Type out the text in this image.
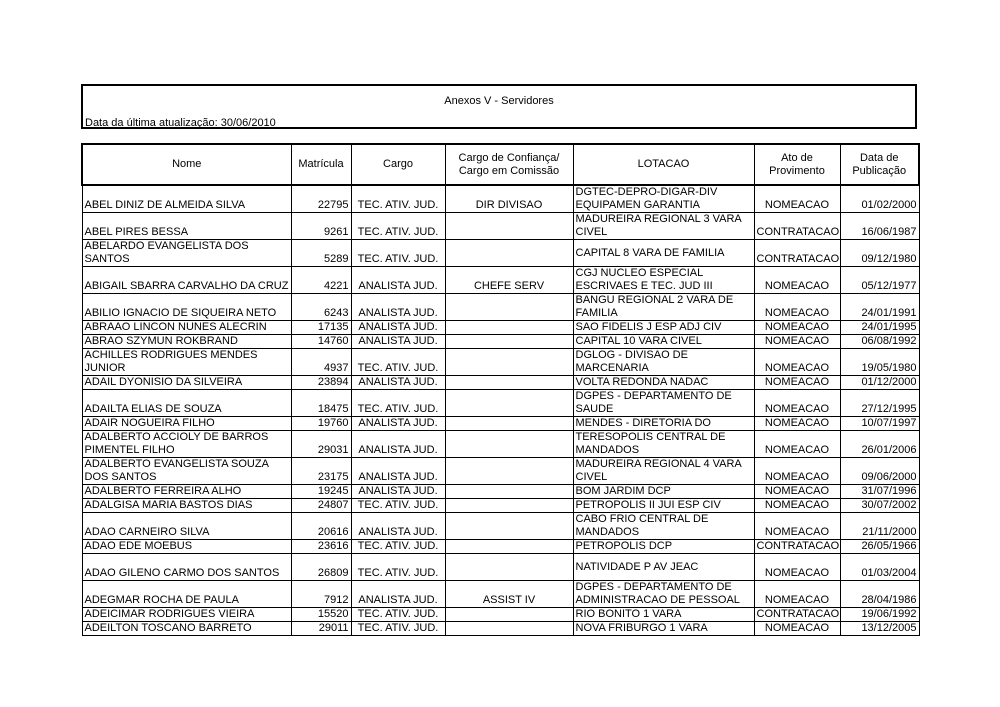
Anexos V - Servidores
Data da última atualização: 30/06/2010
Nome	Matrícula	Cargo	Cargo de Confiança/ Cargo em Comissão	LOTACAO	Ato de Provimento	Data de Publicação
ABEL DINIZ DE ALMEIDA SILVA	22795	TEC. ATIV. JUD.	DIR DIVISAO	DGTEC-DEPRO-DIGAR-DIV EQUIPAMEN GARANTIA	NOMEACAO	01/02/2000
ABEL PIRES BESSA	9261	TEC. ATIV. JUD.		MADUREIRA REGIONAL 3 VARA CIVEL	CONTRATACAO	16/06/1987
ABELARDO EVANGELISTA DOS SANTOS	5289	TEC. ATIV. JUD.		CAPITAL 8 VARA DE FAMILIA	CONTRATACAO	09/12/1980
ABIGAIL SBARRA CARVALHO DA CRUZ	4221	ANALISTA JUD.	CHEFE SERV	CGJ NUCLEO ESPECIAL ESCRIVAES E TEC. JUD III	NOMEACAO	05/12/1977
ABILIO IGNACIO DE SIQUEIRA NETO	6243	ANALISTA JUD.		BANGU REGIONAL 2 VARA DE FAMILIA	NOMEACAO	24/01/1991
ABRAAO LINCON NUNES ALECRIN	17135	ANALISTA JUD.		SAO FIDELIS J ESP ADJ CIV	NOMEACAO	24/01/1995
ABRAO SZYMUN ROKBRAND	14760	ANALISTA JUD.		CAPITAL 10 VARA CIVEL	NOMEACAO	06/08/1992
ACHILLES RODRIGUES MENDES JUNIOR	4937	TEC. ATIV. JUD.		DGLOG - DIVISAO DE MARCENARIA	NOMEACAO	19/05/1980
ADAIL DYONISIO DA SILVEIRA	23894	ANALISTA JUD.		VOLTA REDONDA NADAC	NOMEACAO	01/12/2000
ADAILTA ELIAS DE SOUZA	18475	TEC. ATIV. JUD.		DGPES - DEPARTAMENTO DE SAUDE	NOMEACAO	27/12/1995
ADAIR NOGUEIRA FILHO	19760	ANALISTA JUD.		MENDES - DIRETORIA DO	NOMEACAO	10/07/1997
ADALBERTO ACCIOLY DE BARROS PIMENTEL FILHO	29031	ANALISTA JUD.		TERESOPOLIS CENTRAL DE MANDADOS	NOMEACAO	26/01/2006
ADALBERTO EVANGELISTA SOUZA DOS SANTOS	23175	ANALISTA JUD.		MADUREIRA REGIONAL 4 VARA CIVEL	NOMEACAO	09/06/2000
ADALBERTO FERREIRA ALHO	19245	ANALISTA JUD.		BOM JARDIM DCP	NOMEACAO	31/07/1996
ADALGISA MARIA BASTOS DIAS	24807	TEC. ATIV. JUD.		PETROPOLIS II JUI ESP CIV	NOMEACAO	30/07/2002
ADAO CARNEIRO SILVA	20616	ANALISTA JUD.		CABO FRIO CENTRAL DE MANDADOS	NOMEACAO	21/11/2000
ADAO EDE MOEBUS	23616	TEC. ATIV. JUD.		PETROPOLIS DCP	CONTRATACAO	26/05/1966
ADAO GILENO CARMO DOS SANTOS	26809	TEC. ATIV. JUD.		NATIVIDADE P AV JEAC	NOMEACAO	01/03/2004
ADEGMAR ROCHA DE PAULA	7912	ANALISTA JUD.	ASSIST IV	DGPES - DEPARTAMENTO DE ADMINISTRACAO DE PESSOAL	NOMEACAO	28/04/1986
ADEICIMAR RODRIGUES VIEIRA	15520	TEC. ATIV. JUD.		RIO BONITO 1 VARA	CONTRATACAO	19/06/1992
ADEILTON TOSCANO BARRETO	29011	TEC. ATIV. JUD.		NOVA FRIBURGO 1 VARA	NOMEACAO	13/12/2005
